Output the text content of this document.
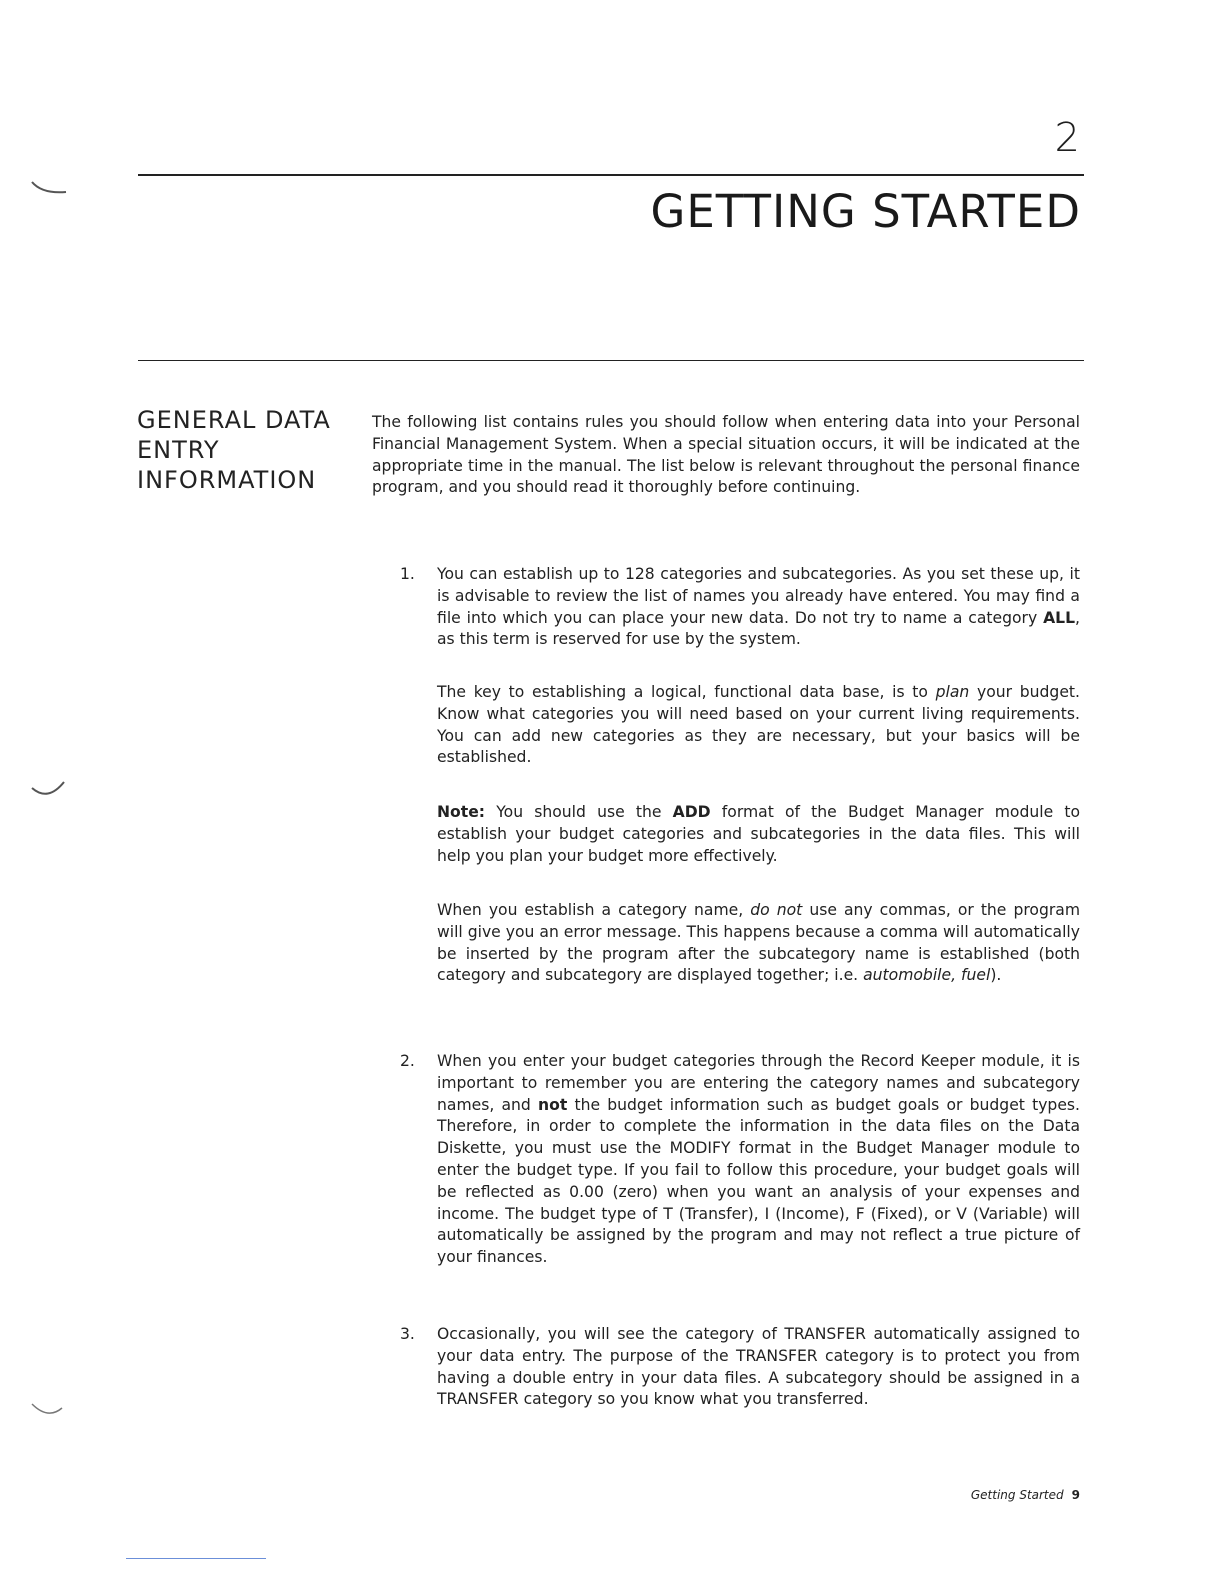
2
GETTING STARTED
GENERAL DATA
ENTRY
INFORMATION

The following list contains rules you should follow when entering data into your Personal Financial Management System. When a special situation occurs, it will be indicated at the appropriate time in the manual. The list below is relevant throughout the personal finance program, and you should read it thoroughly before continuing.

1. You can establish up to 128 categories and subcategories. As you set these up, it is advisable to review the list of names you already have entered. You may find a file into which you can place your new data. Do not try to name a category ALL, as this term is reserved for use by the system.

The key to establishing a logical, functional data base, is to plan your budget. Know what categories you will need based on your current living requirements. You can add new categories as they are necessary, but your basics will be established.

Note: You should use the ADD format of the Budget Manager module to establish your budget categories and subcategories in the data files. This will help you plan your budget more effectively.

When you establish a category name, do not use any commas, or the program will give you an error message. This happens because a comma will automatically be inserted by the program after the subcategory name is established (both category and subcategory are displayed together; i.e. automobile, fuel).

2. When you enter your budget categories through the Record Keeper module, it is important to remember you are entering the category names and subcategory names, and not the budget information such as budget goals or budget types. Therefore, in order to complete the information in the data files on the Data Diskette, you must use the MODIFY format in the Budget Manager module to enter the budget type. If you fail to follow this procedure, your budget goals will be reflected as 0.00 (zero) when you want an analysis of your expenses and income. The budget type of T (Transfer), I (Income), F (Fixed), or V (Variable) will automatically be assigned by the program and may not reflect a true picture of your finances.

3. Occasionally, you will see the category of TRANSFER automatically assigned to your data entry. The purpose of the TRANSFER category is to protect you from having a double entry in your data files. A subcategory should be assigned in a TRANSFER category so you know what you transferred.

Getting Started 9
